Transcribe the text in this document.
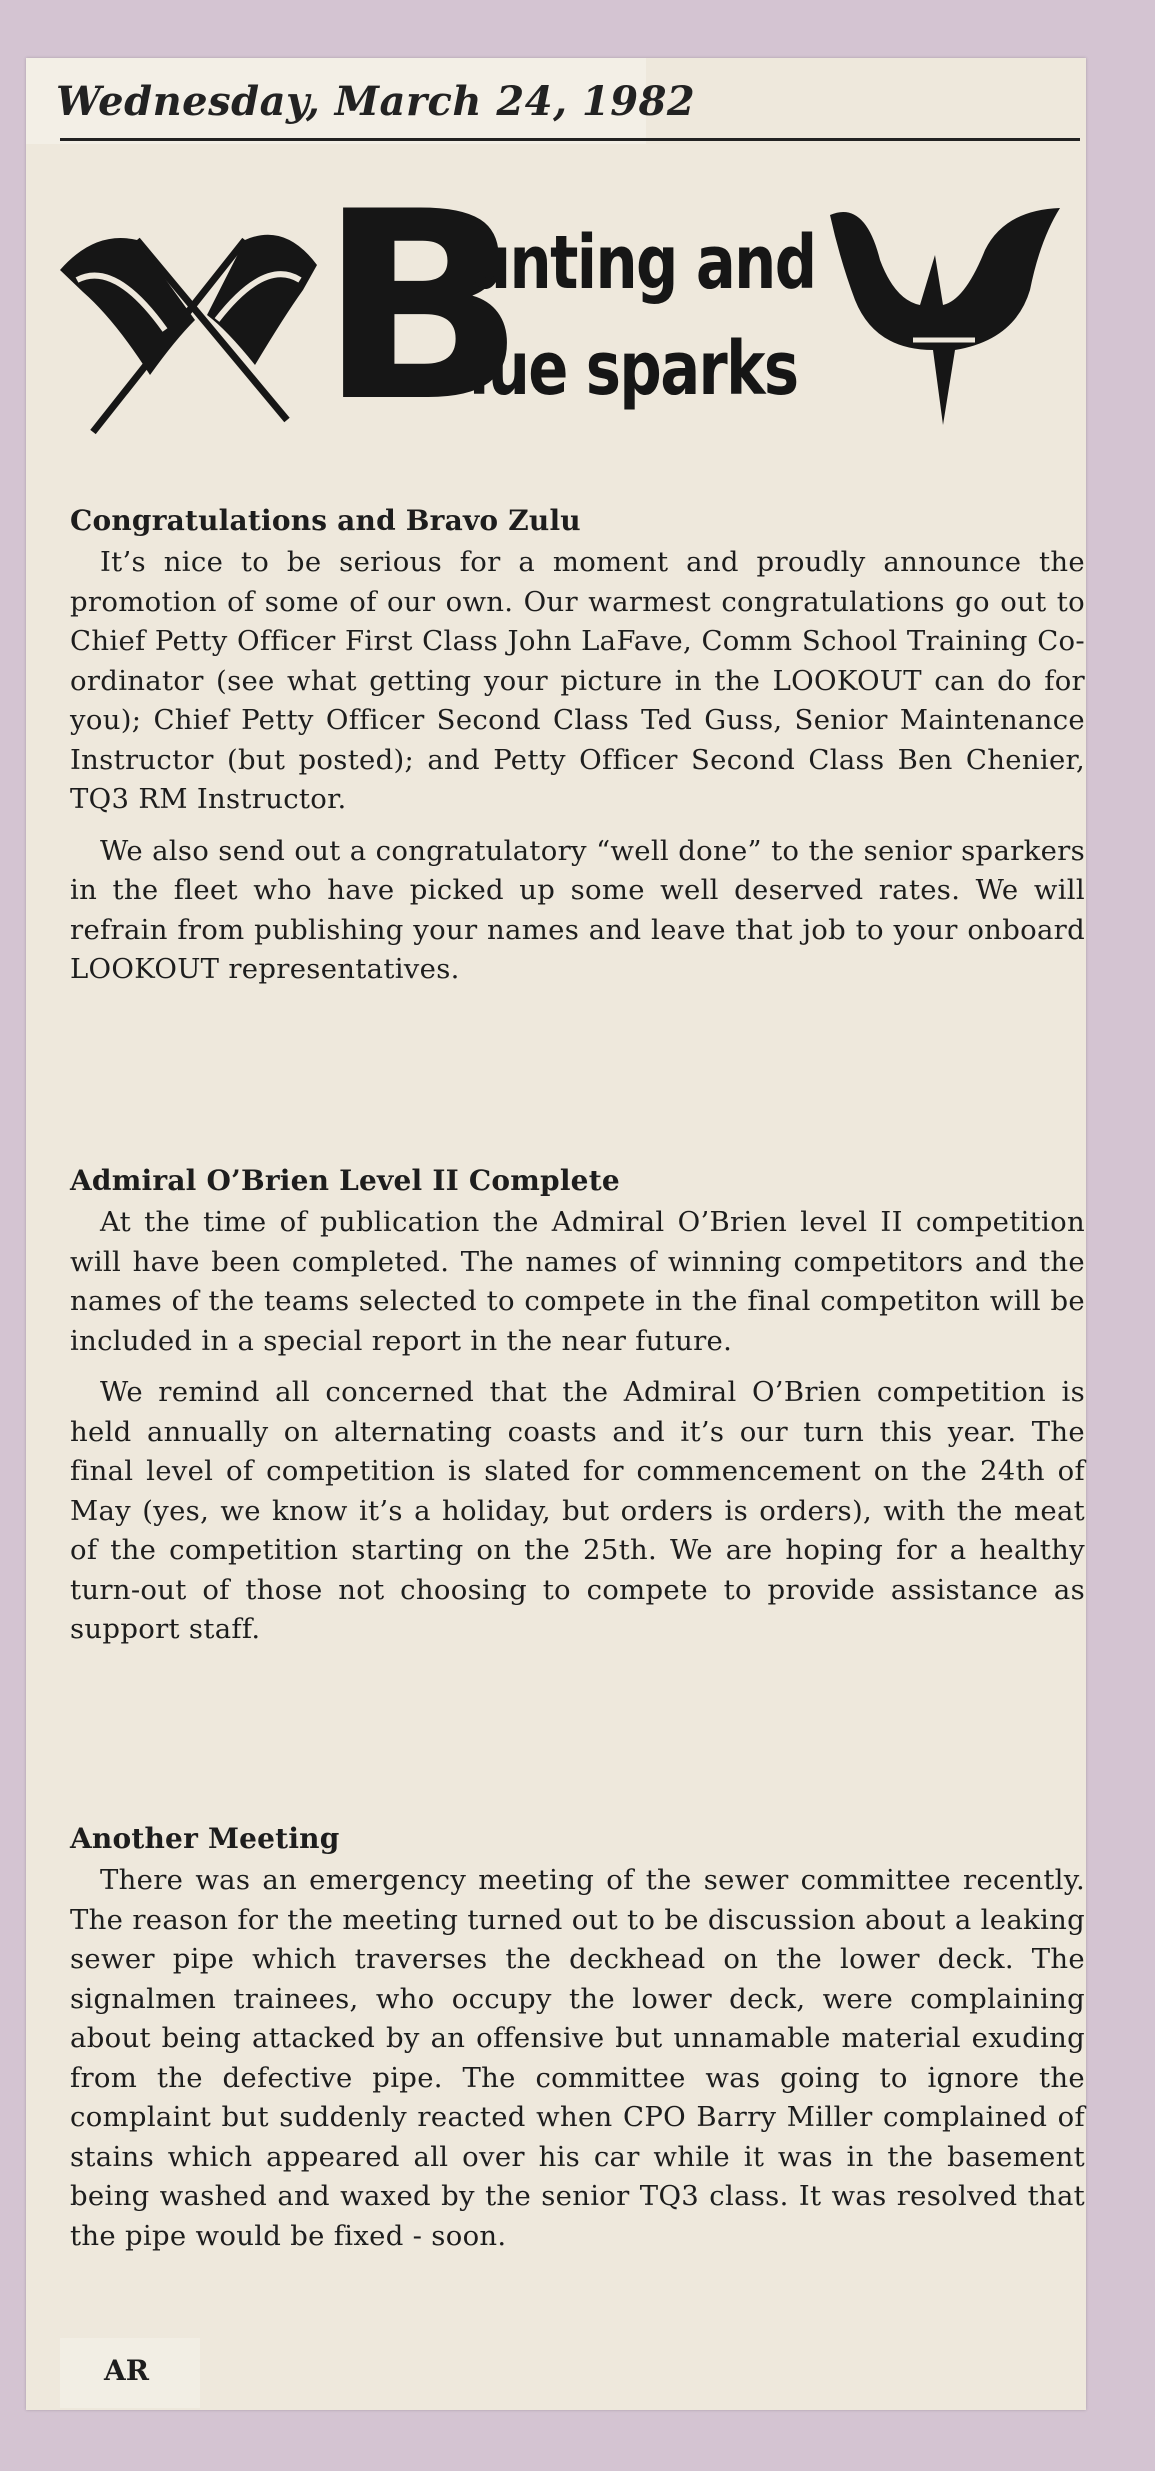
Wednesday, March 24, 1982
B
unting and
lue sparks

Congratulations and Bravo Zulu

It’s nice to be serious for a moment and proudly announce the promotion of some of our own. Our warmest congratulations go out to Chief Petty Officer First Class John LaFave, Comm School Training Co-ordinator (see what getting your picture in the LOOKOUT can do for you); Chief Petty Officer Second Class Ted Guss, Senior Maintenance Instructor (but posted); and Petty Officer Second Class Ben Chenier, TQ3 RM Instructor.

We also send out a congratulatory “well done” to the senior sparkers in the fleet who have picked up some well deserved rates. We will refrain from publishing your names and leave that job to your onboard LOOKOUT representatives.

Admiral O’Brien Level II Complete

At the time of publication the Admiral O’Brien level II competition will have been completed. The names of winning competitors and the names of the teams selected to compete in the final competiton will be included in a special report in the near future.

We remind all concerned that the Admiral O’Brien competition is held annually on alternating coasts and it’s our turn this year. The final level of competition is slated for commencement on the 24th of May (yes, we know it’s a holiday, but orders is orders), with the meat of the competition starting on the 25th. We are hoping for a healthy turn-out of those not choosing to compete to provide assistance as support staff.

Another Meeting

There was an emergency meeting of the sewer committee recently. The reason for the meeting turned out to be discussion about a leaking sewer pipe which traverses the deckhead on the lower deck. The signalmen trainees, who occupy the lower deck, were complaining about being attacked by an offensive but unnamable material exuding from the defective pipe. The committee was going to ignore the complaint but suddenly reacted when CPO Barry Miller complained of stains which appeared all over his car while it was in the basement being washed and waxed by the senior TQ3 class. It was resolved that the pipe would be fixed - soon.

AR
